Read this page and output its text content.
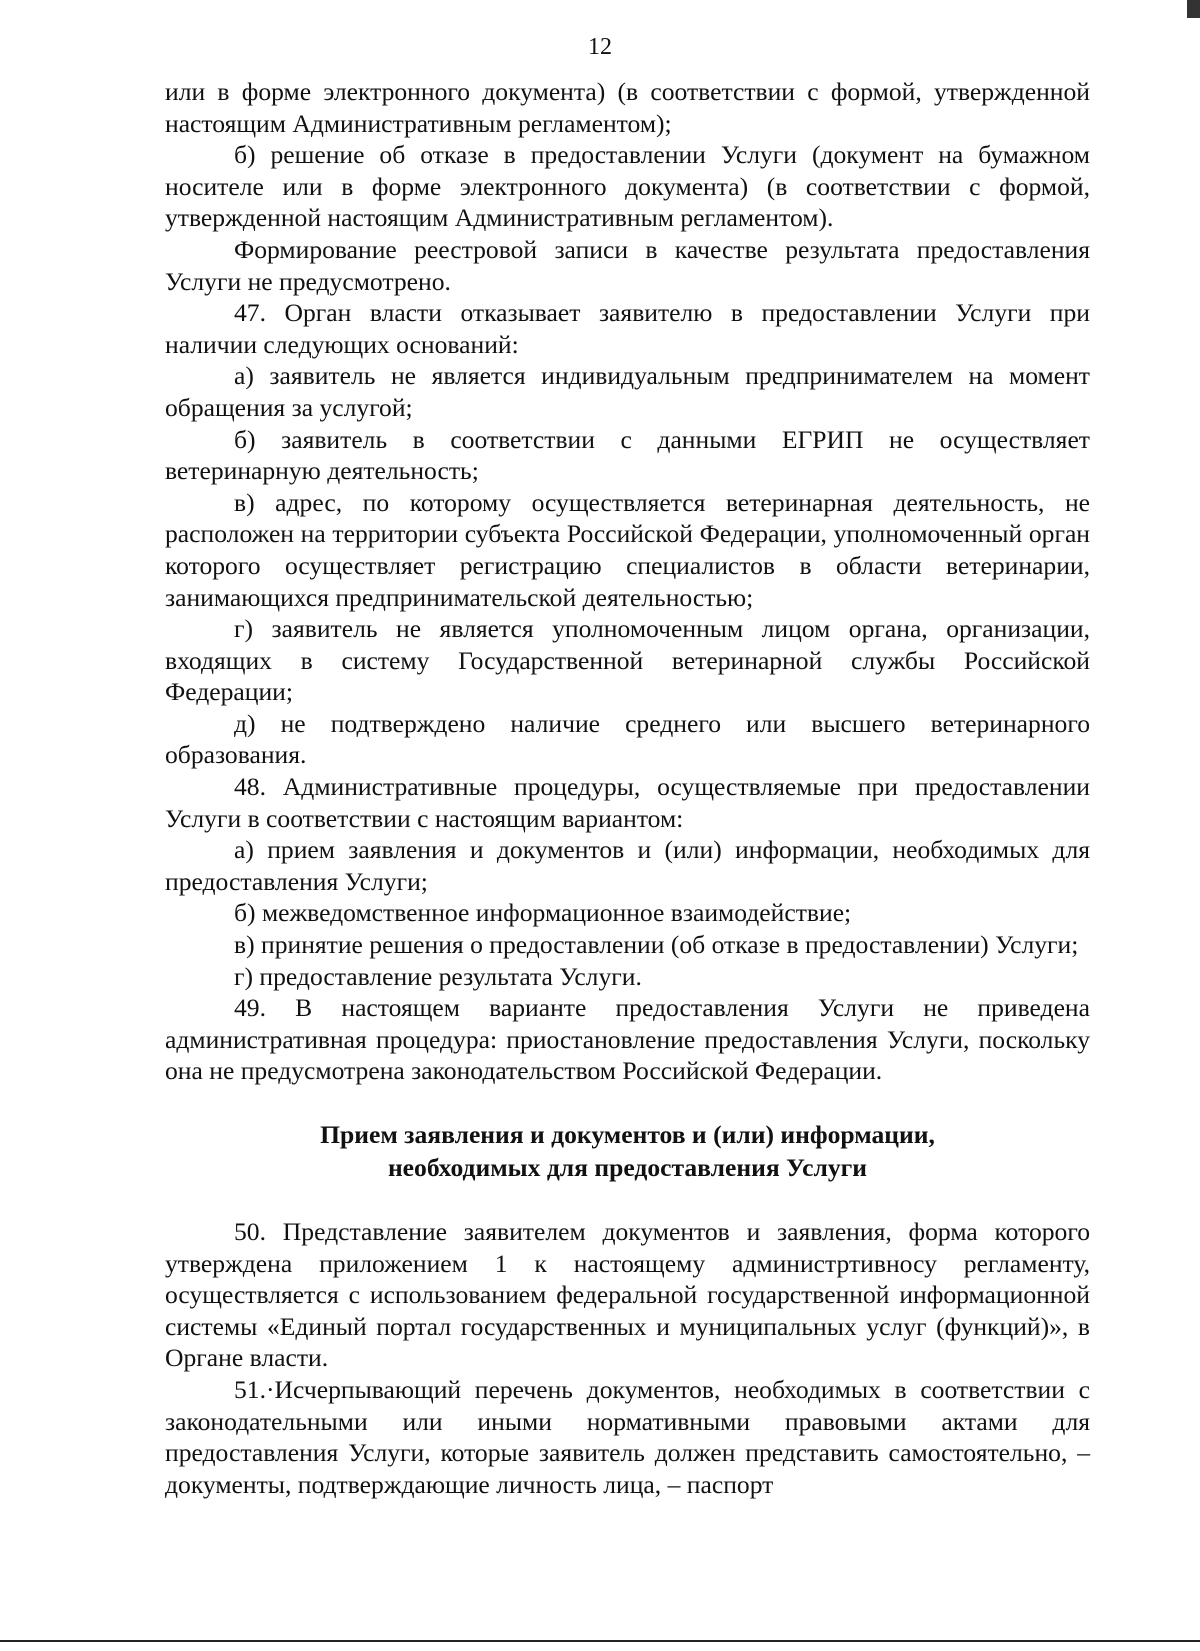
12

или в форме электронного документа) (в соответствии с формой, утвержденной настоящим Административным регламентом);

б) решение об отказе в предоставлении Услуги (документ на бумажном носителе или в форме электронного документа) (в соответствии с формой, утвержденной настоящим Административным регламентом).

Формирование реестровой записи в качестве результата предоставления Услуги не предусмотрено.

47. Орган власти отказывает заявителю в предоставлении Услуги при наличии следующих оснований:

а) заявитель не является индивидуальным предпринимателем на момент обращения за услугой;

б) заявитель в соответствии с данными ЕГРИП не осуществляет ветеринарную деятельность;

в) адрес, по которому осуществляется ветеринарная деятельность, не расположен на территории субъекта Российской Федерации, уполномоченный орган которого осуществляет регистрацию специалистов в области ветеринарии, занимающихся предпринимательской деятельностью;

г) заявитель не является уполномоченным лицом органа, организации, входящих в систему Государственной ветеринарной службы Российской Федерации;

д) не подтверждено наличие среднего или высшего ветеринарного образования.

48. Административные процедуры, осуществляемые при предоставлении Услуги в соответствии с настоящим вариантом:

а) прием заявления и документов и (или) информации, необходимых для предоставления Услуги;

б) межведомственное информационное взаимодействие;

в) принятие решения о предоставлении (об отказе в предоставлении) Услуги;

г) предоставление результата Услуги.

49. В настоящем варианте предоставления Услуги не приведена административная процедура: приостановление предоставления Услуги, поскольку она не предусмотрена законодательством Российской Федерации.

Прием заявления и документов и (или) информации,
необходимых для предоставления Услуги

50. Представление заявителем документов и заявления, форма которого утверждена приложением 1 к настоящему администртивносу регламенту, осуществляется с использованием федеральной государственной информационной системы «Единый портал государственных и муниципальных услуг (функций)», в Органе власти.

51.·Исчерпывающий перечень документов, необходимых в соответствии с законодательными или иными нормативными правовыми актами для предоставления Услуги, которые заявитель должен представить самостоятельно, – документы, подтверждающие личность лица, – паспорт
